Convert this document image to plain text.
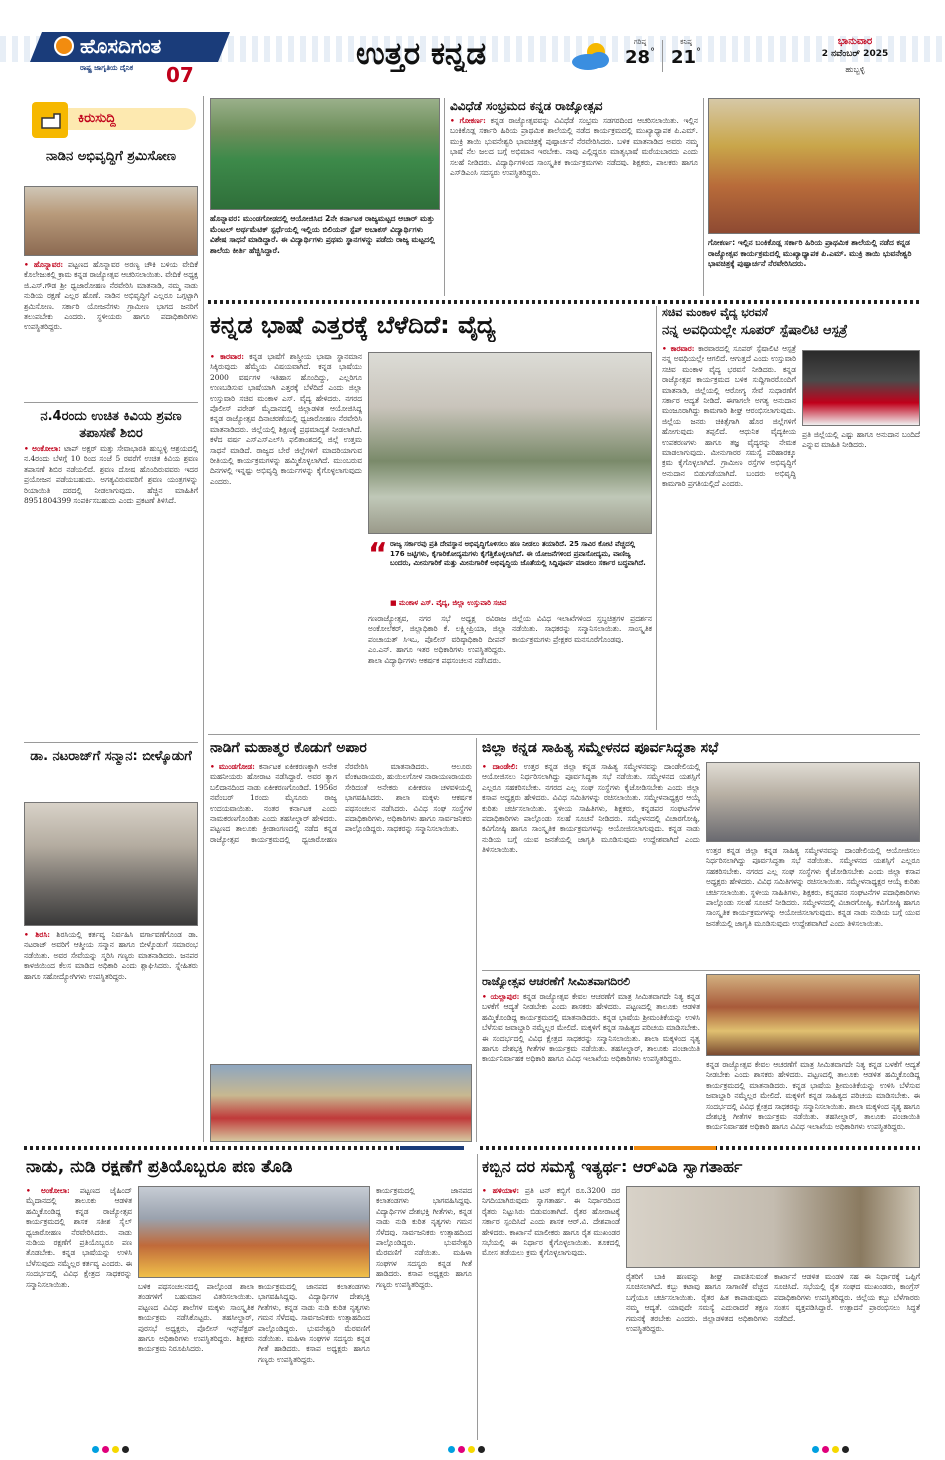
ಹೊಸದಿಗಂತ
ರಾಷ್ಟ್ರ ಜಾಗೃತಿಯ ದೈನಿಕ 07
ಉತ್ತರ ಕನ್ನಡ	ಗರಿಷ್ಠ
28°
ಕನಿಷ್ಠ
21°
ಭಾನುವಾರ
2 ನವೆಂಬರ್ 2025
ಹುಬ್ಬಳ್ಳಿ
ಕಿರುಸುದ್ದಿ
ನಾಡಿನ ಅಭಿವೃದ್ಧಿಗೆ ಶ್ರಮಿಸೋಣ
• ಹೊನ್ನಾವರ: ಪಟ್ಟಣದ ಹೊನ್ನಾವರ ಅರಣ್ಯ ಚೌಕಿ ಬಳಿಯ ವೇದಿಕೆ ಕೊಲೇಜುಕಲ್ಲಿ ಕ್ರಾಮ ಕನ್ನಡ ರಾಜ್ಯೋತ್ಸವ ಆಚರಿಸಲಾಯಿತು. ವೇದಿಕೆ ಅಧ್ಯಕ್ಷ ಜಿ.ಎಸ್.ಗೌಡ ಶ್ರೀ ಧ್ವಜಾರೋಹಣ ನೆರವೇರಿಸಿ ಮಾತನಾಡಿ, ನಮ್ಮ ನಾಡು ನುಡಿಯ ರಕ್ಷಣೆ ಎಲ್ಲರ ಹೊಣೆ. ನಾಡಿನ ಅಭಿವೃದ್ಧಿಗೆ ಎಲ್ಲರೂ ಒಗ್ಗಟ್ಟಾಗಿ ಶ್ರಮಿಸೋಣ. ಸರ್ಕಾರಿ ಯೋಜನೆಗಳು ಗ್ರಾಮೀಣ ಭಾಗದ ಜನರಿಗೆ ತಲುಪಬೇಕು ಎಂದರು. ಸ್ಥಳೀಯರು ಹಾಗೂ ಪದಾಧಿಕಾರಿಗಳು ಉಪಸ್ಥಿತರಿದ್ದರು.
ನ.4ರಂದು ಉಚಿತ ಕಿವಿಯ ಶ್ರವಣ ತಪಾಸಣೆ ಶಿಬಿರ
• ಅಂಕೋಲಾ: ಟಾಪ್ ಅಕ್ಷರ್ ಮತ್ತು ಸೇವಾಭಾರತಿ ಹುಬ್ಬಳ್ಳಿ ಆಶ್ರಯದಲ್ಲಿ ನ.4ರಂದು ಬೆಳಗ್ಗೆ 10 ರಿಂದ ಸಂಜೆ 5 ರವರೆಗೆ ಉಚಿತ ಕಿವಿಯ ಶ್ರವಣ ತಪಾಸಣೆ ಶಿಬಿರ ನಡೆಯಲಿದೆ. ಶ್ರವಣ ದೋಷ ಹೊಂದಿರುವವರು ಇದರ ಪ್ರಯೋಜನ ಪಡೆಯಬಹುದು. ಅಗತ್ಯವಿರುವವರಿಗೆ ಶ್ರವಣ ಯಂತ್ರಗಳನ್ನು ರಿಯಾಯಿತಿ ದರದಲ್ಲಿ ನೀಡಲಾಗುವುದು. ಹೆಚ್ಚಿನ ಮಾಹಿತಿಗೆ 8951804399 ಸಂಪರ್ಕಿಸಬಹುದು ಎಂದು ಪ್ರಕಟಣೆ ತಿಳಿಸಿದೆ.
ಡಾ. ನಟರಾಜ್‌ಗೆ ಸನ್ಮಾನ: ಬೀಳ್ಕೊಡುಗೆ
• ಶಿರಸಿ: ಶಿರಸಿಯಲ್ಲಿ ಕರ್ತವ್ಯ ನಿರ್ವಹಿಸಿ ವರ್ಗಾವಣೆಗೊಂಡ ಡಾ. ನಟರಾಜ್ ಅವರಿಗೆ ಆತ್ಮೀಯ ಸನ್ಮಾನ ಹಾಗೂ ಬೀಳ್ಕೊಡುಗೆ ಸಮಾರಂಭ ನಡೆಯಿತು. ಅವರ ಸೇವೆಯನ್ನು ಸ್ಮರಿಸಿ ಗಣ್ಯರು ಮಾತನಾಡಿದರು. ಜನಪರ ಕಾಳಜಿಯಿಂದ ಕೆಲಸ ಮಾಡಿದ ಅಧಿಕಾರಿ ಎಂದು ಶ್ಲಾಘಿಸಿದರು. ಸ್ನೇಹಿತರು ಹಾಗೂ ಸಹೋದ್ಯೋಗಿಗಳು ಉಪಸ್ಥಿತರಿದ್ದರು.
ಹೊನ್ನಾವರ: ಮುಂಡಗೋಡದಲ್ಲಿ ಆಯೋಜಿಸಿದ 2ನೇ ಕರ್ನಾಟಕ ರಾಜ್ಯಮಟ್ಟದ ಆಚಾರ್ ಮತ್ತು ಮೆಂಟಲ್ ಅರ್ಥಮೆಟಿಕ್ ಸ್ಪರ್ಧೆಯಲ್ಲಿ ಇಲ್ಲಿಯ ಬಿಲಿಯನ್ ಸ್ಟೆಪ್ ಅಬಾಕಸ್ ವಿದ್ಯಾರ್ಥಿಗಳು ವಿಶೇಷ ಸಾಧನೆ ಮಾಡಿದ್ದಾರೆ. ಈ ವಿದ್ಯಾರ್ಥಿಗಳು ಪ್ರಥಮ ಸ್ಥಾನಗಳನ್ನು ಪಡೆದು ರಾಜ್ಯ ಮಟ್ಟದಲ್ಲಿ ಶಾಲೆಯ ಕೀರ್ತಿ ಹೆಚ್ಚಿಸಿದ್ದಾರೆ.
ವಿವಿಧೆಡೆ ಸಂಭ್ರಮದ ಕನ್ನಡ ರಾಜ್ಯೋತ್ಸವ
• ಗೋಕರ್ಣ: ಕನ್ನಡ ರಾಜ್ಯೋತ್ಸವವನ್ನು ವಿವಿಧೆಡೆ ಸಂಭ್ರಮ ಸಡಗರದಿಂದ ಆಚರಿಸಲಾಯಿತು. ಇಲ್ಲಿನ ಬಂಕಿಕೊಡ್ಲ ಸರ್ಕಾರಿ ಹಿರಿಯ ಪ್ರಾಥಮಿಕ ಶಾಲೆಯಲ್ಲಿ ನಡೆದ ಕಾರ್ಯಕ್ರಮದಲ್ಲಿ ಮುಖ್ಯಾಧ್ಯಾಪಕ ಪಿ.ಎಮ್. ಮುಕ್ರಿ ತಾಯಿ ಭುವನೇಶ್ವರಿ ಭಾವಚಿತ್ರಕ್ಕೆ ಪುಷ್ಪಾರ್ಚನೆ ನೆರವೇರಿಸಿದರು. ಬಳಿಕ ಮಾತನಾಡಿದ ಅವರು ನಮ್ಮ ಭಾಷೆ ನೆಲ ಜಲದ ಬಗ್ಗೆ ಅಭಿಮಾನ ಇರಬೇಕು. ನಾವು ಎಲ್ಲಿದ್ದರೂ ಮಾತೃಭಾಷೆ ಮರೆಯಬಾರದು ಎಂದು ಸಲಹೆ ನೀಡಿದರು. ವಿದ್ಯಾರ್ಥಿಗಳಿಂದ ಸಾಂಸ್ಕೃತಿಕ ಕಾರ್ಯಕ್ರಮಗಳು ನಡೆದವು. ಶಿಕ್ಷಕರು, ಪಾಲಕರು ಹಾಗೂ ಎಸ್‌ಡಿಎಂಸಿ ಸದಸ್ಯರು ಉಪಸ್ಥಿತರಿದ್ದರು.
ಗೋಕರ್ಣ: ಇಲ್ಲಿನ ಬಂಕಿಕೊಡ್ಲ ಸರ್ಕಾರಿ ಹಿರಿಯ ಪ್ರಾಥಮಿಕ ಶಾಲೆಯಲ್ಲಿ ನಡೆದ ಕನ್ನಡ ರಾಜ್ಯೋತ್ಸವ ಕಾರ್ಯಕ್ರಮದಲ್ಲಿ ಮುಖ್ಯಾಧ್ಯಾಪಕ ಪಿ.ಎಮ್. ಮುಕ್ರಿ ತಾಯಿ ಭುವನೇಶ್ವರಿ ಭಾವಚಿತ್ರಕ್ಕೆ ಪುಷ್ಪಾರ್ಚನೆ ನೆರವೇರಿಸಿದರು.
ಕನ್ನಡ ಭಾಷೆ ಎತ್ತರಕ್ಕೆ ಬೆಳೆದಿದೆ: ವೈದ್ಯ
• ಕಾರವಾರ: ಕನ್ನಡ ಭಾಷೆಗೆ ಶಾಸ್ತ್ರೀಯ ಭಾಷಾ ಸ್ಥಾನಮಾನ ಸಿಕ್ಕಿರುವುದು ಹೆಮ್ಮೆಯ ವಿಷಯವಾಗಿದೆ. ಕನ್ನಡ ಭಾಷೆಯು 2000 ವರ್ಷಗಳ ಇತಿಹಾಸ ಹೊಂದಿದ್ದು, ಎಲ್ಲರಿಗೂ ಉಣಬಡಿಸುವ ಭಾಷೆಯಾಗಿ ಎತ್ತರಕ್ಕೆ ಬೆಳೆದಿದೆ ಎಂದು ಜಿಲ್ಲಾ ಉಸ್ತುವಾರಿ ಸಚಿವ ಮಂಕಾಳ ಎಸ್. ವೈದ್ಯ ಹೇಳಿದರು. ನಗರದ ಪೊಲೀಸ್ ಪರೇಡ್ ಮೈದಾನದಲ್ಲಿ ಜಿಲ್ಲಾಡಳಿತ ಆಯೋಜಿಸಿದ್ದ ಕನ್ನಡ ರಾಜ್ಯೋತ್ಸವ ದಿನಾಚರಣೆಯಲ್ಲಿ ಧ್ವಜಾರೋಹಣ ನೆರವೇರಿಸಿ ಮಾತನಾಡಿದರು. ಜಿಲ್ಲೆಯಲ್ಲಿ ಶಿಕ್ಷಣಕ್ಕೆ ಪ್ರಥಮಾದ್ಯತೆ ನೀಡಲಾಗಿದೆ. ಕಳೆದ ವರ್ಷ ಎಸ್‌ಎಸ್‌ಎಲ್‌ಸಿ ಫಲಿತಾಂಶದಲ್ಲಿ ಜಿಲ್ಲೆ ಉತ್ತಮ ಸಾಧನೆ ಮಾಡಿದೆ. ರಾಜ್ಯದ ಬೇರೆ ಜಿಲ್ಲೆಗಳಿಗೆ ಮಾದರಿಯಾಗುವ ರೀತಿಯಲ್ಲಿ ಕಾರ್ಯಕ್ರಮಗಳನ್ನು ಹಮ್ಮಿಕೊಳ್ಳಲಾಗಿದೆ. ಮುಂಬರುವ ದಿನಗಳಲ್ಲಿ ಇನ್ನಷ್ಟು ಅಭಿವೃದ್ಧಿ ಕಾರ್ಯಗಳನ್ನು ಕೈಗೊಳ್ಳಲಾಗುವುದು ಎಂದರು.
“ ರಾಜ್ಯ ಸರ್ಕಾರವು ಪ್ರತಿ ದೇವಸ್ಥಾನ ಅಭಿವೃದ್ಧಿಗೊಳಿಸಲು ಹಣ ನೀಡಲು ತಯಾರಿದೆ. 25 ಸಾವಿರ ಕೋಟಿ ವೆಚ್ಚದಲ್ಲಿ 176 ಜಟ್ಟಿಗಳು, ಕೈಗಾರಿಕೋದ್ಯಮಗಳು ಕೈಗೆತ್ತಿಕೊಳ್ಳಲಾಗಿದೆ. ಈ ಯೋಜನೆಗಳಿಂದ ಪ್ರವಾಸೋದ್ಯಮ, ವಾಣಿಜ್ಯ ಬಂದರು, ಮೀನುಗಾರಿಕೆ ಮತ್ತು ಮೀನುಗಾರಿಕೆ ಅಭಿವೃದ್ಧಿಯ ಜೊತೆಯಲ್ಲಿ ಸಿದ್ದಿಪೂರ್ವ ಮಾಡಲು ಸರ್ಕಾರ ಬದ್ಧವಾಗಿದೆ.
■ ಮಂಕಾಳ ಎಸ್. ವೈದ್ಯ, ಜಿಲ್ಲಾ ಉಸ್ತುವಾರಿ ಸಚಿವ
ಗಣರಾಜ್ಯೋತ್ಸವ, ನಗರ ಸಭೆ ಅಧ್ಯಕ್ಷ ರವಿರಾಜ ಅಂಕೋಲೆಕರ್, ಜಿಲ್ಲಾಧಿಕಾರಿ ಕೆ. ಲಕ್ಷ್ಮೀಪ್ರಿಯಾ, ಜಿಲ್ಲಾ ಪಂಚಾಯತ್ ಸಿಇಒ, ಪೊಲೀಸ್ ವರಿಷ್ಠಾಧಿಕಾರಿ ದೀಪನ್ ಎಂ.ಎನ್. ಹಾಗೂ ಇತರ ಅಧಿಕಾರಿಗಳು ಉಪಸ್ಥಿತರಿದ್ದರು. ಶಾಲಾ ವಿದ್ಯಾರ್ಥಿಗಳು ಆಕರ್ಷಕ ಪಥಸಂಚಲನ ನಡೆಸಿದರು.
ಜಿಲ್ಲೆಯ ವಿವಿಧ ಇಲಾಖೆಗಳಿಂದ ಸ್ತಬ್ಧಚಿತ್ರಗಳ ಪ್ರದರ್ಶನ ನಡೆಯಿತು. ಸಾಧಕರನ್ನು ಸನ್ಮಾನಿಸಲಾಯಿತು. ಸಾಂಸ್ಕೃತಿಕ ಕಾರ್ಯಕ್ರಮಗಳು ಪ್ರೇಕ್ಷಕರ ಮನಸೂರೆಗೊಂಡವು.
ಸಚಿವ ಮಂಕಾಳ ವೈದ್ಯ ಭರವಸೆ
ನನ್ನ ಅವಧಿಯಲ್ಲೇ ಸೂಪರ್ ಸ್ಪೆಷಾಲಿಟಿ ಆಸ್ಪತ್ರೆ
• ಕಾರವಾರ: ಕಾರವಾರದಲ್ಲಿ ಸೂಪರ್ ಸ್ಪೆಷಾಲಿಟಿ ಆಸ್ಪತ್ರೆ ನನ್ನ ಅವಧಿಯಲ್ಲೇ ಆಗಲಿದೆ. ಆಗುತ್ತದೆ ಎಂದು ಉಸ್ತುವಾರಿ ಸಚಿವ ಮಂಕಾಳ ವೈದ್ಯ ಭರವಸೆ ನೀಡಿದರು. ಕನ್ನಡ ರಾಜ್ಯೋತ್ಸವ ಕಾರ್ಯಕ್ರಮದ ಬಳಿಕ ಸುದ್ದಿಗಾರರೊಂದಿಗೆ ಮಾತನಾಡಿ, ಜಿಲ್ಲೆಯಲ್ಲಿ ಆರೋಗ್ಯ ಸೇವೆ ಸುಧಾರಣೆಗೆ ಸರ್ಕಾರ ಆದ್ಯತೆ ನೀಡಿದೆ. ಈಗಾಗಲೇ ಅಗತ್ಯ ಅನುದಾನ ಮಂಜೂರಾಗಿದ್ದು ಕಾಮಗಾರಿ ಶೀಘ್ರ ಆರಂಭಿಸಲಾಗುವುದು. ಜಿಲ್ಲೆಯ ಜನರು ಚಿಕಿತ್ಸೆಗಾಗಿ ಹೊರ ಜಿಲ್ಲೆಗಳಿಗೆ ಹೋಗುವುದು ತಪ್ಪಲಿದೆ. ಆಧುನಿಕ ವೈದ್ಯಕೀಯ ಉಪಕರಣಗಳು ಹಾಗೂ ತಜ್ಞ ವೈದ್ಯರನ್ನು ನೇಮಕ ಮಾಡಲಾಗುವುದು. ಮೀನುಗಾರರ ಸಮಸ್ಯೆ ಪರಿಹಾರಕ್ಕೂ ಕ್ರಮ ಕೈಗೊಳ್ಳಲಾಗಿದೆ. ಗ್ರಾಮೀಣ ರಸ್ತೆಗಳ ಅಭಿವೃದ್ಧಿಗೆ ಅನುದಾನ ಬಿಡುಗಡೆಯಾಗಿದೆ. ಬಂದರು ಅಭಿವೃದ್ಧಿ ಕಾಮಗಾರಿ ಪ್ರಗತಿಯಲ್ಲಿದೆ ಎಂದರು.
ಪ್ರತಿ ಜಿಲ್ಲೆಯಲ್ಲಿ ಎಷ್ಟು ಹಾಗೂ ಅನುದಾನ ಬಂದಿದೆ ಎನ್ನುವ ಮಾಹಿತಿ ನೀಡಿದರು.
ನಾಡಿಗೆ ಮಹಾತ್ಮರ ಕೊಡುಗೆ ಅಪಾರ
• ಮುಂಡಗೋಡ: ಕರ್ನಾಟಕ ಏಕೀಕರಣಕ್ಕಾಗಿ ಅನೇಕ ಮಹನೀಯರು ಹೋರಾಟ ನಡೆಸಿದ್ದಾರೆ. ಅವರ ತ್ಯಾಗ ಬಲಿದಾನದಿಂದ ನಾಡು ಏಕೀಕರಣಗೊಂಡಿದೆ. 1956ರ ನವೆಂಬರ್ 1ರಂದು ಮೈಸೂರು ರಾಜ್ಯ ಉದಯವಾಯಿತು. ನಂತರ ಕರ್ನಾಟಕ ಎಂದು ನಾಮಕರಣಗೊಂಡಿತು ಎಂದು ತಹಸೀಲ್ದಾರ್ ಹೇಳಿದರು. ಪಟ್ಟಣದ ತಾಲೂಕು ಕ್ರೀಡಾಂಗಣದಲ್ಲಿ ನಡೆದ ಕನ್ನಡ ರಾಜ್ಯೋತ್ಸವ ಕಾರ್ಯಕ್ರಮದಲ್ಲಿ ಧ್ವಜಾರೋಹಣ ನೆರವೇರಿಸಿ ಮಾತನಾಡಿದರು. ಆಲೂರು ವೆಂಕಟರಾಯರು, ಹುಯಿಲಗೋಳ ನಾರಾಯಣರಾಯರು ಸೇರಿದಂತೆ ಅನೇಕರು ಏಕೀಕರಣ ಚಳವಳಿಯಲ್ಲಿ ಭಾಗವಹಿಸಿದರು. ಶಾಲಾ ಮಕ್ಕಳು ಆಕರ್ಷಕ ಪಥಸಂಚಲನ ನಡೆಸಿದರು. ವಿವಿಧ ಸಂಘ ಸಂಸ್ಥೆಗಳ ಪದಾಧಿಕಾರಿಗಳು, ಅಧಿಕಾರಿಗಳು ಹಾಗೂ ಸಾರ್ವಜನಿಕರು ಪಾಲ್ಗೊಂಡಿದ್ದರು. ಸಾಧಕರನ್ನು ಸನ್ಮಾನಿಸಲಾಯಿತು.
ಜಿಲ್ಲಾ ಕನ್ನಡ ಸಾಹಿತ್ಯ ಸಮ್ಮೇಳನದ ಪೂರ್ವಸಿದ್ಧತಾ ಸಭೆ
• ದಾಂಡೇಲಿ: ಉತ್ತರ ಕನ್ನಡ ಜಿಲ್ಲಾ ಕನ್ನಡ ಸಾಹಿತ್ಯ ಸಮ್ಮೇಳನವನ್ನು ದಾಂಡೇಲಿಯಲ್ಲಿ ಆಯೋಜಿಸಲು ನಿರ್ಧರಿಸಲಾಗಿದ್ದು ಪೂರ್ವಸಿದ್ಧತಾ ಸಭೆ ನಡೆಯಿತು. ಸಮ್ಮೇಳನದ ಯಶಸ್ಸಿಗೆ ಎಲ್ಲರೂ ಸಹಕರಿಸಬೇಕು. ನಗರದ ಎಲ್ಲ ಸಂಘ ಸಂಸ್ಥೆಗಳು ಕೈಜೋಡಿಸಬೇಕು ಎಂದು ಜಿಲ್ಲಾ ಕಸಾಪ ಅಧ್ಯಕ್ಷರು ಹೇಳಿದರು. ವಿವಿಧ ಸಮಿತಿಗಳನ್ನು ರಚಿಸಲಾಯಿತು. ಸಮ್ಮೇಳನಾಧ್ಯಕ್ಷರ ಆಯ್ಕೆ ಕುರಿತು ಚರ್ಚಿಸಲಾಯಿತು. ಸ್ಥಳೀಯ ಸಾಹಿತಿಗಳು, ಶಿಕ್ಷಕರು, ಕನ್ನಡಪರ ಸಂಘಟನೆಗಳ ಪದಾಧಿಕಾರಿಗಳು ಪಾಲ್ಗೊಂಡು ಸಲಹೆ ಸೂಚನೆ ನೀಡಿದರು. ಸಮ್ಮೇಳನದಲ್ಲಿ ವಿಚಾರಗೋಷ್ಠಿ, ಕವಿಗೋಷ್ಠಿ ಹಾಗೂ ಸಾಂಸ್ಕೃತಿಕ ಕಾರ್ಯಕ್ರಮಗಳನ್ನು ಆಯೋಜಿಸಲಾಗುವುದು. ಕನ್ನಡ ನಾಡು ನುಡಿಯ ಬಗ್ಗೆ ಯುವ ಜನತೆಯಲ್ಲಿ ಜಾಗೃತಿ ಮೂಡಿಸುವುದು ಉದ್ದೇಶವಾಗಿದೆ ಎಂದು ತಿಳಿಸಲಾಯಿತು.	ಉತ್ತರ ಕನ್ನಡ ಜಿಲ್ಲಾ ಕನ್ನಡ ಸಾಹಿತ್ಯ ಸಮ್ಮೇಳನವನ್ನು ದಾಂಡೇಲಿಯಲ್ಲಿ ಆಯೋಜಿಸಲು ನಿರ್ಧರಿಸಲಾಗಿದ್ದು ಪೂರ್ವಸಿದ್ಧತಾ ಸಭೆ ನಡೆಯಿತು. ಸಮ್ಮೇಳನದ ಯಶಸ್ಸಿಗೆ ಎಲ್ಲರೂ ಸಹಕರಿಸಬೇಕು. ನಗರದ ಎಲ್ಲ ಸಂಘ ಸಂಸ್ಥೆಗಳು ಕೈಜೋಡಿಸಬೇಕು ಎಂದು ಜಿಲ್ಲಾ ಕಸಾಪ ಅಧ್ಯಕ್ಷರು ಹೇಳಿದರು. ವಿವಿಧ ಸಮಿತಿಗಳನ್ನು ರಚಿಸಲಾಯಿತು. ಸಮ್ಮೇಳನಾಧ್ಯಕ್ಷರ ಆಯ್ಕೆ ಕುರಿತು ಚರ್ಚಿಸಲಾಯಿತು. ಸ್ಥಳೀಯ ಸಾಹಿತಿಗಳು, ಶಿಕ್ಷಕರು, ಕನ್ನಡಪರ ಸಂಘಟನೆಗಳ ಪದಾಧಿಕಾರಿಗಳು ಪಾಲ್ಗೊಂಡು ಸಲಹೆ ಸೂಚನೆ ನೀಡಿದರು. ಸಮ್ಮೇಳನದಲ್ಲಿ ವಿಚಾರಗೋಷ್ಠಿ, ಕವಿಗೋಷ್ಠಿ ಹಾಗೂ ಸಾಂಸ್ಕೃತಿಕ ಕಾರ್ಯಕ್ರಮಗಳನ್ನು ಆಯೋಜಿಸಲಾಗುವುದು. ಕನ್ನಡ ನಾಡು ನುಡಿಯ ಬಗ್ಗೆ ಯುವ ಜನತೆಯಲ್ಲಿ ಜಾಗೃತಿ ಮೂಡಿಸುವುದು ಉದ್ದೇಶವಾಗಿದೆ ಎಂದು ತಿಳಿಸಲಾಯಿತು.
ರಾಜ್ಯೋತ್ಸವ ಆಚರಣೆಗೆ ಸೀಮಿತವಾಗದಿರಲಿ
• ಯಲ್ಲಾಪುರ: ಕನ್ನಡ ರಾಜ್ಯೋತ್ಸವ ಕೇವಲ ಆಚರಣೆಗೆ ಮಾತ್ರ ಸೀಮಿತವಾಗದೇ ನಿತ್ಯ ಕನ್ನಡ ಬಳಕೆಗೆ ಆದ್ಯತೆ ನೀಡಬೇಕು ಎಂದು ಶಾಸಕರು ಹೇಳಿದರು. ಪಟ್ಟಣದಲ್ಲಿ ತಾಲೂಕು ಆಡಳಿತ ಹಮ್ಮಿಕೊಂಡಿದ್ದ ಕಾರ್ಯಕ್ರಮದಲ್ಲಿ ಮಾತನಾಡಿದರು. ಕನ್ನಡ ಭಾಷೆಯ ಶ್ರೀಮಂತಿಕೆಯನ್ನು ಉಳಿಸಿ ಬೆಳೆಸುವ ಜವಾಬ್ದಾರಿ ನಮ್ಮೆಲ್ಲರ ಮೇಲಿದೆ. ಮಕ್ಕಳಿಗೆ ಕನ್ನಡ ಸಾಹಿತ್ಯದ ಪರಿಚಯ ಮಾಡಿಸಬೇಕು. ಈ ಸಂದರ್ಭದಲ್ಲಿ ವಿವಿಧ ಕ್ಷೇತ್ರದ ಸಾಧಕರನ್ನು ಸನ್ಮಾನಿಸಲಾಯಿತು. ಶಾಲಾ ಮಕ್ಕಳಿಂದ ನೃತ್ಯ ಹಾಗೂ ದೇಶಭಕ್ತಿ ಗೀತೆಗಳ ಕಾರ್ಯಕ್ರಮ ನಡೆಯಿತು. ತಹಸೀಲ್ದಾರ್, ತಾಲೂಕು ಪಂಚಾಯಿತಿ ಕಾರ್ಯನಿರ್ವಾಹಕ ಅಧಿಕಾರಿ ಹಾಗೂ ವಿವಿಧ ಇಲಾಖೆಯ ಅಧಿಕಾರಿಗಳು ಉಪಸ್ಥಿತರಿದ್ದರು.
ಕನ್ನಡ ರಾಜ್ಯೋತ್ಸವ ಕೇವಲ ಆಚರಣೆಗೆ ಮಾತ್ರ ಸೀಮಿತವಾಗದೇ ನಿತ್ಯ ಕನ್ನಡ ಬಳಕೆಗೆ ಆದ್ಯತೆ ನೀಡಬೇಕು ಎಂದು ಶಾಸಕರು ಹೇಳಿದರು. ಪಟ್ಟಣದಲ್ಲಿ ತಾಲೂಕು ಆಡಳಿತ ಹಮ್ಮಿಕೊಂಡಿದ್ದ ಕಾರ್ಯಕ್ರಮದಲ್ಲಿ ಮಾತನಾಡಿದರು. ಕನ್ನಡ ಭಾಷೆಯ ಶ್ರೀಮಂತಿಕೆಯನ್ನು ಉಳಿಸಿ ಬೆಳೆಸುವ ಜವಾಬ್ದಾರಿ ನಮ್ಮೆಲ್ಲರ ಮೇಲಿದೆ. ಮಕ್ಕಳಿಗೆ ಕನ್ನಡ ಸಾಹಿತ್ಯದ ಪರಿಚಯ ಮಾಡಿಸಬೇಕು. ಈ ಸಂದರ್ಭದಲ್ಲಿ ವಿವಿಧ ಕ್ಷೇತ್ರದ ಸಾಧಕರನ್ನು ಸನ್ಮಾನಿಸಲಾಯಿತು. ಶಾಲಾ ಮಕ್ಕಳಿಂದ ನೃತ್ಯ ಹಾಗೂ ದೇಶಭಕ್ತಿ ಗೀತೆಗಳ ಕಾರ್ಯಕ್ರಮ ನಡೆಯಿತು. ತಹಸೀಲ್ದಾರ್, ತಾಲೂಕು ಪಂಚಾಯಿತಿ ಕಾರ್ಯನಿರ್ವಾಹಕ ಅಧಿಕಾರಿ ಹಾಗೂ ವಿವಿಧ ಇಲಾಖೆಯ ಅಧಿಕಾರಿಗಳು ಉಪಸ್ಥಿತರಿದ್ದರು.
ನಾಡು, ನುಡಿ ರಕ್ಷಣೆಗೆ ಪ್ರತಿಯೊಬ್ಬರೂ ಪಣ ತೊಡಿ
• ಅಂಕೋಲಾ: ಪಟ್ಟಣದ ಜೈಹಿಂದ್ ಮೈದಾನದಲ್ಲಿ ತಾಲೂಕು ಆಡಳಿತ ಹಮ್ಮಿಕೊಂಡಿದ್ದ ಕನ್ನಡ ರಾಜ್ಯೋತ್ಸವ ಕಾರ್ಯಕ್ರಮದಲ್ಲಿ ಶಾಸಕ ಸತೀಶ ಸೈಲ್ ಧ್ವಜಾರೋಹಣ ನೆರವೇರಿಸಿದರು. ನಾಡು ನುಡಿಯ ರಕ್ಷಣೆಗೆ ಪ್ರತಿಯೊಬ್ಬರೂ ಪಣ ತೊಡಬೇಕು. ಕನ್ನಡ ಭಾಷೆಯನ್ನು ಉಳಿಸಿ ಬೆಳೆಸುವುದು ನಮ್ಮೆಲ್ಲರ ಕರ್ತವ್ಯ ಎಂದರು. ಈ ಸಂದರ್ಭದಲ್ಲಿ ವಿವಿಧ ಕ್ಷೇತ್ರದ ಸಾಧಕರನ್ನು ಸನ್ಮಾನಿಸಲಾಯಿತು.	ಬಳಿಕ ಪಥಸಂಚಲನದಲ್ಲಿ ಪಾಲ್ಗೊಂಡ ಶಾಲಾ ತಂಡಗಳಿಗೆ ಬಹುಮಾನ ವಿತರಿಸಲಾಯಿತು. ಪಟ್ಟಣದ ವಿವಿಧ ಶಾಲೆಗಳ ಮಕ್ಕಳು ಸಾಂಸ್ಕೃತಿಕ ಕಾರ್ಯಕ್ರಮ ನಡೆಸಿಕೊಟ್ಟರು. ತಹಸೀಲ್ದಾರ್, ಪುರಸಭೆ ಅಧ್ಯಕ್ಷರು, ಪೊಲೀಸ್ ಇನ್ಸ್‌ಪೆಕ್ಟರ್ ಹಾಗೂ ಅಧಿಕಾರಿಗಳು ಉಪಸ್ಥಿತರಿದ್ದರು. ಶಿಕ್ಷಕರು ಕಾರ್ಯಕ್ರಮ ನಿರೂಪಿಸಿದರು.
ಕಾರ್ಯಕ್ರಮದಲ್ಲಿ ಜಾನಪದ ಕಲಾತಂಡಗಳು ಭಾಗವಹಿಸಿದ್ದವು. ವಿದ್ಯಾರ್ಥಿಗಳ ದೇಶಭಕ್ತಿ ಗೀತೆಗಳು, ಕನ್ನಡ ನಾಡು ನುಡಿ ಕುರಿತ ನೃತ್ಯಗಳು ಗಮನ ಸೆಳೆದವು. ಸಾರ್ವಜನಿಕರು ಉತ್ಸಾಹದಿಂದ ಪಾಲ್ಗೊಂಡಿದ್ದರು. ಭುವನೇಶ್ವರಿ ಮೆರವಣಿಗೆ ನಡೆಯಿತು. ಮಹಿಳಾ ಸಂಘಗಳ ಸದಸ್ಯರು ಕನ್ನಡ ಗೀತೆ ಹಾಡಿದರು. ಕಸಾಪ ಅಧ್ಯಕ್ಷರು ಹಾಗೂ ಗಣ್ಯರು ಉಪಸ್ಥಿತರಿದ್ದರು.
ಕಾರ್ಯಕ್ರಮದಲ್ಲಿ ಜಾನಪದ ಕಲಾತಂಡಗಳು ಭಾಗವಹಿಸಿದ್ದವು. ವಿದ್ಯಾರ್ಥಿಗಳ ದೇಶಭಕ್ತಿ ಗೀತೆಗಳು, ಕನ್ನಡ ನಾಡು ನುಡಿ ಕುರಿತ ನೃತ್ಯಗಳು ಗಮನ ಸೆಳೆದವು. ಸಾರ್ವಜನಿಕರು ಉತ್ಸಾಹದಿಂದ ಪಾಲ್ಗೊಂಡಿದ್ದರು. ಭುವನೇಶ್ವರಿ ಮೆರವಣಿಗೆ ನಡೆಯಿತು. ಮಹಿಳಾ ಸಂಘಗಳ ಸದಸ್ಯರು ಕನ್ನಡ ಗೀತೆ ಹಾಡಿದರು. ಕಸಾಪ ಅಧ್ಯಕ್ಷರು ಹಾಗೂ ಗಣ್ಯರು ಉಪಸ್ಥಿತರಿದ್ದರು.
ಕಬ್ಬಿನ ದರ ಸಮಸ್ಯೆ ಇತ್ಯರ್ಥ: ಆರ್‌ವಿಡಿ ಸ್ವಾಗತಾರ್ಹ
• ಹಳಿಯಾಳ: ಪ್ರತಿ ಟನ್ ಕಬ್ಬಿಗೆ ರೂ.3200 ದರ ನಿಗದಿಯಾಗಿರುವುದು ಸ್ವಾಗತಾರ್ಹ. ಈ ನಿರ್ಧಾರದಿಂದ ರೈತರು ನಿಟ್ಟುಸಿರು ಬಿಡುವಂತಾಗಿದೆ. ರೈತರ ಹೋರಾಟಕ್ಕೆ ಸರ್ಕಾರ ಸ್ಪಂದಿಸಿದೆ ಎಂದು ಶಾಸಕ ಆರ್.ವಿ. ದೇಶಪಾಂಡೆ ಹೇಳಿದರು. ಕಾರ್ಖಾನೆ ಮಾಲೀಕರು ಹಾಗೂ ರೈತ ಮುಖಂಡರ ಸಭೆಯಲ್ಲಿ ಈ ನಿರ್ಧಾರ ಕೈಗೊಳ್ಳಲಾಯಿತು. ತೂಕದಲ್ಲಿ ಮೋಸ ತಡೆಯಲು ಕ್ರಮ ಕೈಗೊಳ್ಳಲಾಗುವುದು.
ರೈತರಿಗೆ ಬಾಕಿ ಹಣವನ್ನು ಶೀಘ್ರ ಪಾವತಿಸುವಂತೆ ಸೂಚಿಸಲಾಗಿದೆ. ಕಬ್ಬು ಕಟಾವು ಹಾಗೂ ಸಾಗಾಣಿಕೆ ವೆಚ್ಚದ ಬಗ್ಗೆಯೂ ಚರ್ಚಿಸಲಾಯಿತು. ರೈತರ ಹಿತ ಕಾಪಾಡುವುದು ನಮ್ಮ ಆದ್ಯತೆ. ಯಾವುದೇ ಸಮಸ್ಯೆ ಎದುರಾದರೆ ತಕ್ಷಣ ಗಮನಕ್ಕೆ ತರಬೇಕು ಎಂದರು. ಜಿಲ್ಲಾಡಳಿತದ ಅಧಿಕಾರಿಗಳು ಉಪಸ್ಥಿತರಿದ್ದರು.
ಕಾರ್ಖಾನೆ ಆಡಳಿತ ಮಂಡಳಿ ಸಹ ಈ ನಿರ್ಧಾರಕ್ಕೆ ಒಪ್ಪಿಗೆ ಸೂಚಿಸಿದೆ. ಸಭೆಯಲ್ಲಿ ರೈತ ಸಂಘದ ಮುಖಂಡರು, ಕಾಂಗ್ರೆಸ್ ಪದಾಧಿಕಾರಿಗಳು ಉಪಸ್ಥಿತರಿದ್ದರು. ಜಿಲ್ಲೆಯ ಕಬ್ಬು ಬೆಳೆಗಾರರು ಸಂತಸ ವ್ಯಕ್ತಪಡಿಸಿದ್ದಾರೆ. ಉತ್ಪಾದನೆ ಪ್ರಾರಂಭಿಸಲು ಸಿದ್ಧತೆ ನಡೆದಿದೆ.
